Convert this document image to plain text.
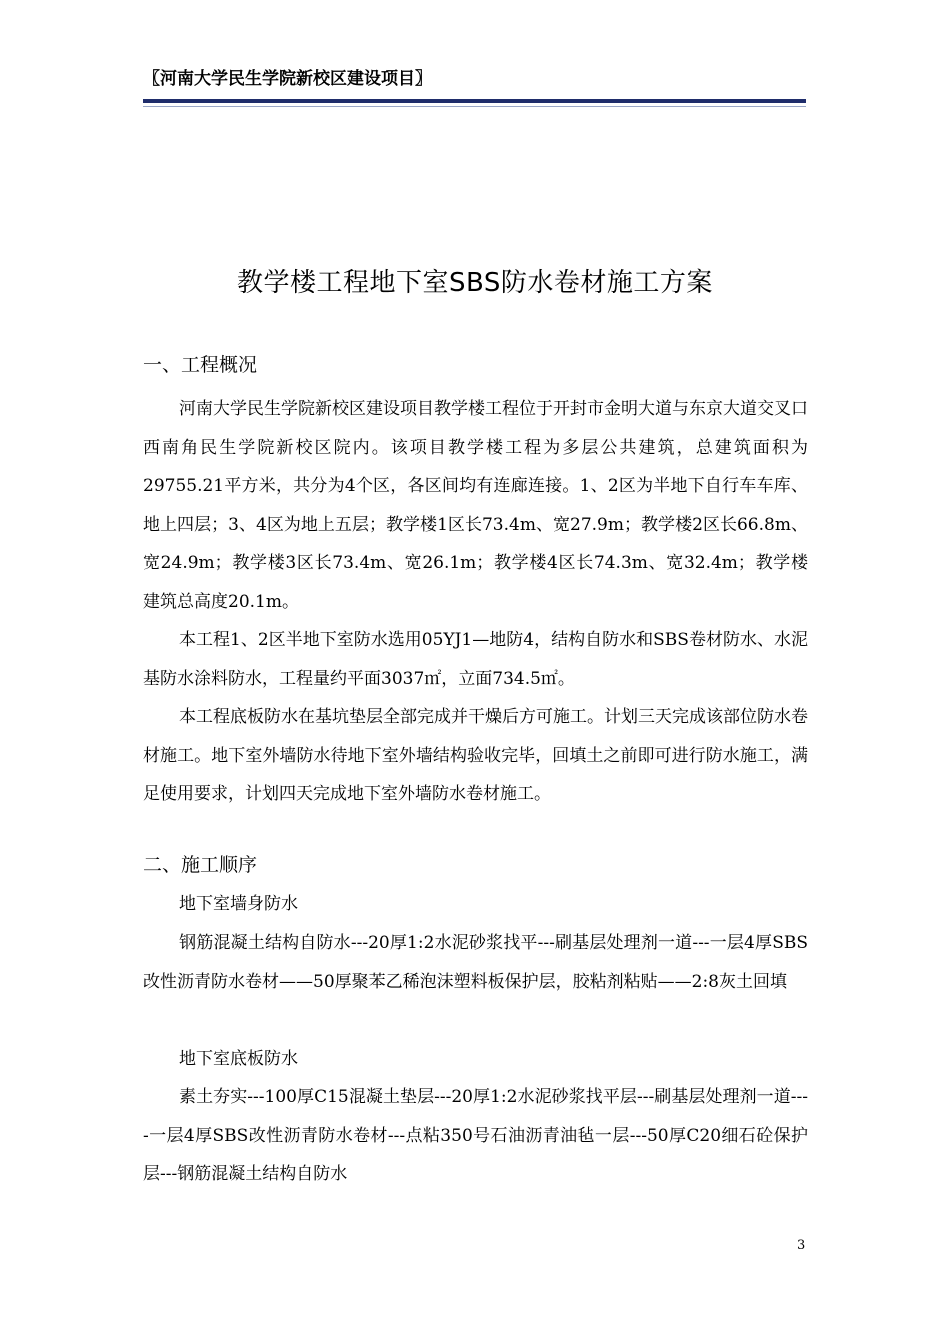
〖河南大学民生学院新校区建设项目〗
教学楼工程地下室SBS防水卷材施工方案
一、工程概况
河南大学民生学院新校区建设项目教学楼工程位于开封市金明大道与东京大道交叉口西南角民生学院新校区院内。该项目教学楼工程为多层公共建筑，总建筑面积为29755.21平方米，共分为4个区，各区间均有连廊连接。1、2区为半地下自行车车库、地上四层；3、4区为地上五层；教学楼1区长73.4m、宽27.9m；教学楼2区长66.8m、宽24.9m；教学楼3区长73.4m、宽26.1m；教学楼4区长74.3m、宽32.4m；教学楼建筑总高度20.1m。
本工程1、2区半地下室防水选用05YJ1—地防4，结构自防水和SBS卷材防水、水泥基防水涂料防水，工程量约平面3037㎡，立面734.5㎡。
本工程底板防水在基坑垫层全部完成并干燥后方可施工。计划三天完成该部位防水卷材施工。地下室外墙防水待地下室外墙结构验收完毕，回填土之前即可进行防水施工，满足使用要求，计划四天完成地下室外墙防水卷材施工。
二、施工顺序
地下室墙身防水
钢筋混凝土结构自防水---20厚1:2水泥砂浆找平---刷基层处理剂一道---一层4厚SBS改性沥青防水卷材——50厚聚苯乙稀泡沫塑料板保护层，胶粘剂粘贴——2:8灰土回填
地下室底板防水
素土夯实---100厚C15混凝土垫层---20厚1:2水泥砂浆找平层---刷基层处理剂一道----一层4厚SBS改性沥青防水卷材---点粘350号石油沥青油毡一层---50厚C20细石砼保护层---钢筋混凝土结构自防水
3
